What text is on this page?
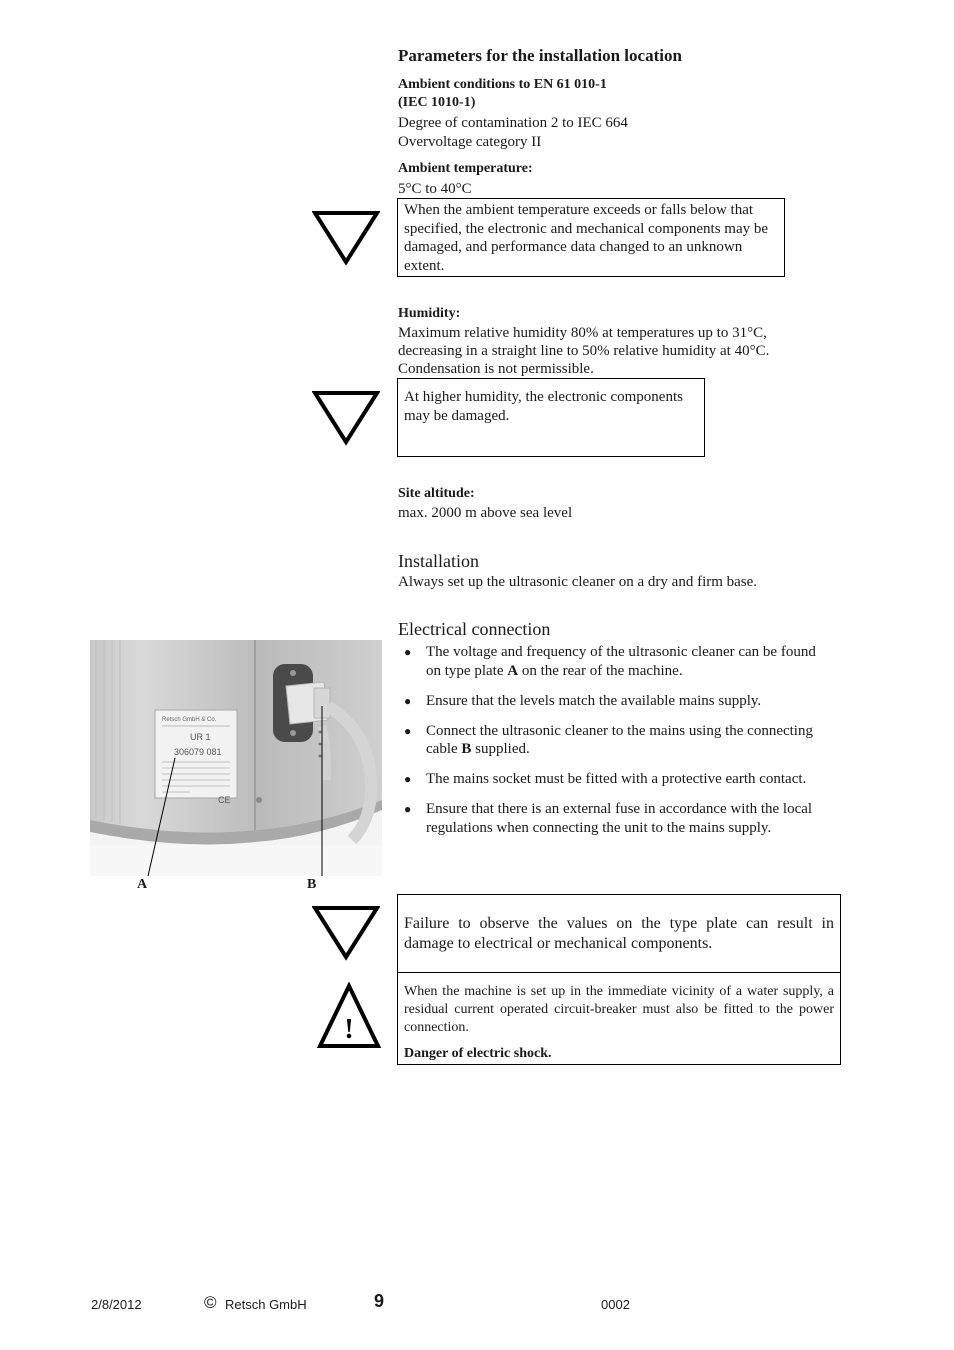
Parameters for the installation location
Ambient conditions to EN 61 010-1
(IEC 1010-1)
Degree of contamination 2 to IEC 664
Overvoltage category II
Ambient temperature:
5°C to 40°C
When the ambient temperature exceeds or falls below that specified, the electronic and mechanical components may be damaged, and performance data changed to an unknown extent.
Humidity:
Maximum relative humidity 80% at temperatures up to 31°C,
decreasing in a straight line to 50% relative humidity at 40°C.
Condensation is not permissible.
At higher humidity, the electronic components may be damaged.
Site altitude:
max. 2000 m above sea level
Installation
Always set up the ultrasonic cleaner on a dry and firm base.
Electrical connection
● The voltage and frequency of the ultrasonic cleaner can be found on type plate A on the rear of the machine.
● Ensure that the levels match the available mains supply.
● Connect the ultrasonic cleaner to the mains using the connecting cable B supplied.
● The mains socket must be fitted with a protective earth contact.
● Ensure that there is an external fuse in accordance with the local regulations when connecting the unit to the mains supply.
Retsch GmbH & Co.
UR 1
306079 081
CE
A	B
Failure to observe the values on the type plate can result in damage to electrical or mechanical components.
!
When the machine is set up in the immediate vicinity of a water supply, a residual current operated circuit-breaker must also be fitted to the power connection.
Danger of electric shock.
2/8/2012	© Retsch GmbH	9	0002
